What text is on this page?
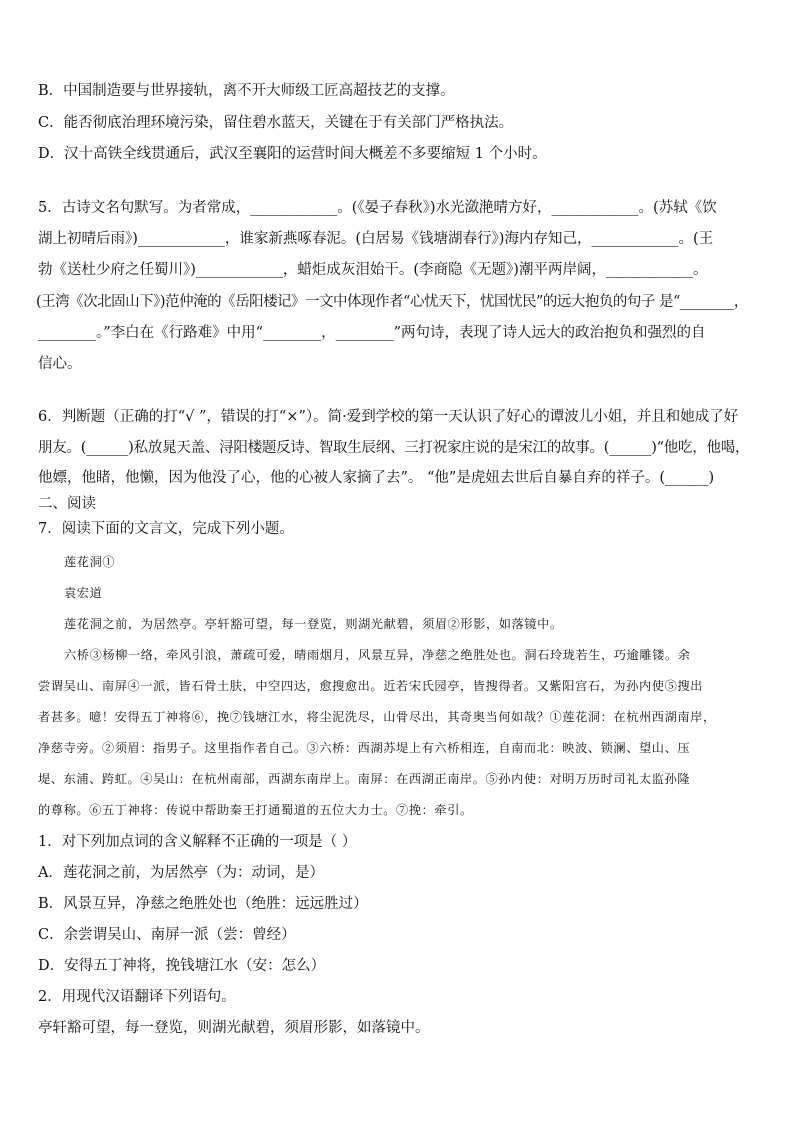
B．中国制造要与世界接轨，离不开大师级工匠高超技艺的支撑。
C．能否彻底治理环境污染，留住碧水蓝天，关键在于有关部门严格执法。
D．汉十高铁全线贯通后，武汉至襄阳的运营时间大概差不多要缩短 1 个小时。
5．古诗文名句默写。为者常成，____________。(《晏子春秋》)水光潋滟晴方好，____________。(苏轼《饮
湖上初晴后雨》)____________，谁家新燕啄春泥。(白居易《钱塘湖春行》)海内存知己，____________。(王
勃《送杜少府之任蜀川》)____________，蜡炬成灰泪始干。(李商隐《无题》)潮平两岸阔，____________。
(王湾《次北固山下》)范仲淹的《岳阳楼记》一文中体现作者“心忧天下，忧国忧民”的远大抱负的句子 是“________，
________。”李白在《行路难》中用“________，________”两句诗，表现了诗人远大的政治抱负和强烈的自
信心。
6．判断题（正确的打“√ ”，错误的打“×”）。简·爱到学校的第一天认识了好心的谭波儿小姐，并且和她成了好
朋友。(______)私放晁天盖、浔阳楼题反诗、智取生辰纲、三打祝家庄说的是宋江的故事。(______)“他吃，他喝，
他嫖，他睹，他懒，因为他没了心，他的心被人家摘了去”。 “他”是虎妞去世后自暴自弃的祥子。(______)
二、阅读
7．阅读下面的文言文，完成下列小题。
莲花洞①
袁宏道
莲花洞之前，为居然亭。亭轩豁可望，每一登览，则湖光献碧，须眉②形影，如落镜中。
六桥③杨柳一络，牵风引浪，萧疏可爱，晴雨烟月，风景互异，净慈之绝胜处也。洞石玲珑若生，巧逾雕镂。余
尝谓吴山、南屏④一派，皆石骨土肤，中空四达，愈搜愈出。近若宋氏园亭，皆搜得者。又紫阳宫石，为孙内使⑤搜出
者甚多。噫！安得五丁神将⑥，挽⑦钱塘江水，将尘泥洗尽，山骨尽出，其奇奥当何如哉？①莲花洞：在杭州西湖南岸，
净慈寺旁。②须眉：指男子。这里指作者自己。③六桥：西湖苏堤上有六桥相连，自南而北：映波、锁澜、望山、压
堤、东浦、跨虹。④吴山：在杭州南部，西湖东南岸上。南屏：在西湖正南岸。⑤孙内使：对明万历时司礼太监孙隆
的尊称。⑥五丁神将：传说中帮助秦王打通蜀道的五位大力士。⑦挽：牵引。
1．对下列加点词的含义解释不正确的一项是（ ）
A．莲花洞之前，为居然亭（为：动词，是）
B．风景互异，净慈之绝胜处也（绝胜：远远胜过）
C．余尝谓吴山、南屏一派（尝：曾经）
D．安得五丁神将，挽钱塘江水（安：怎么）
2．用现代汉语翻译下列语句。
亭轩豁可望，每一登览，则湖光献碧，须眉形影，如落镜中。
